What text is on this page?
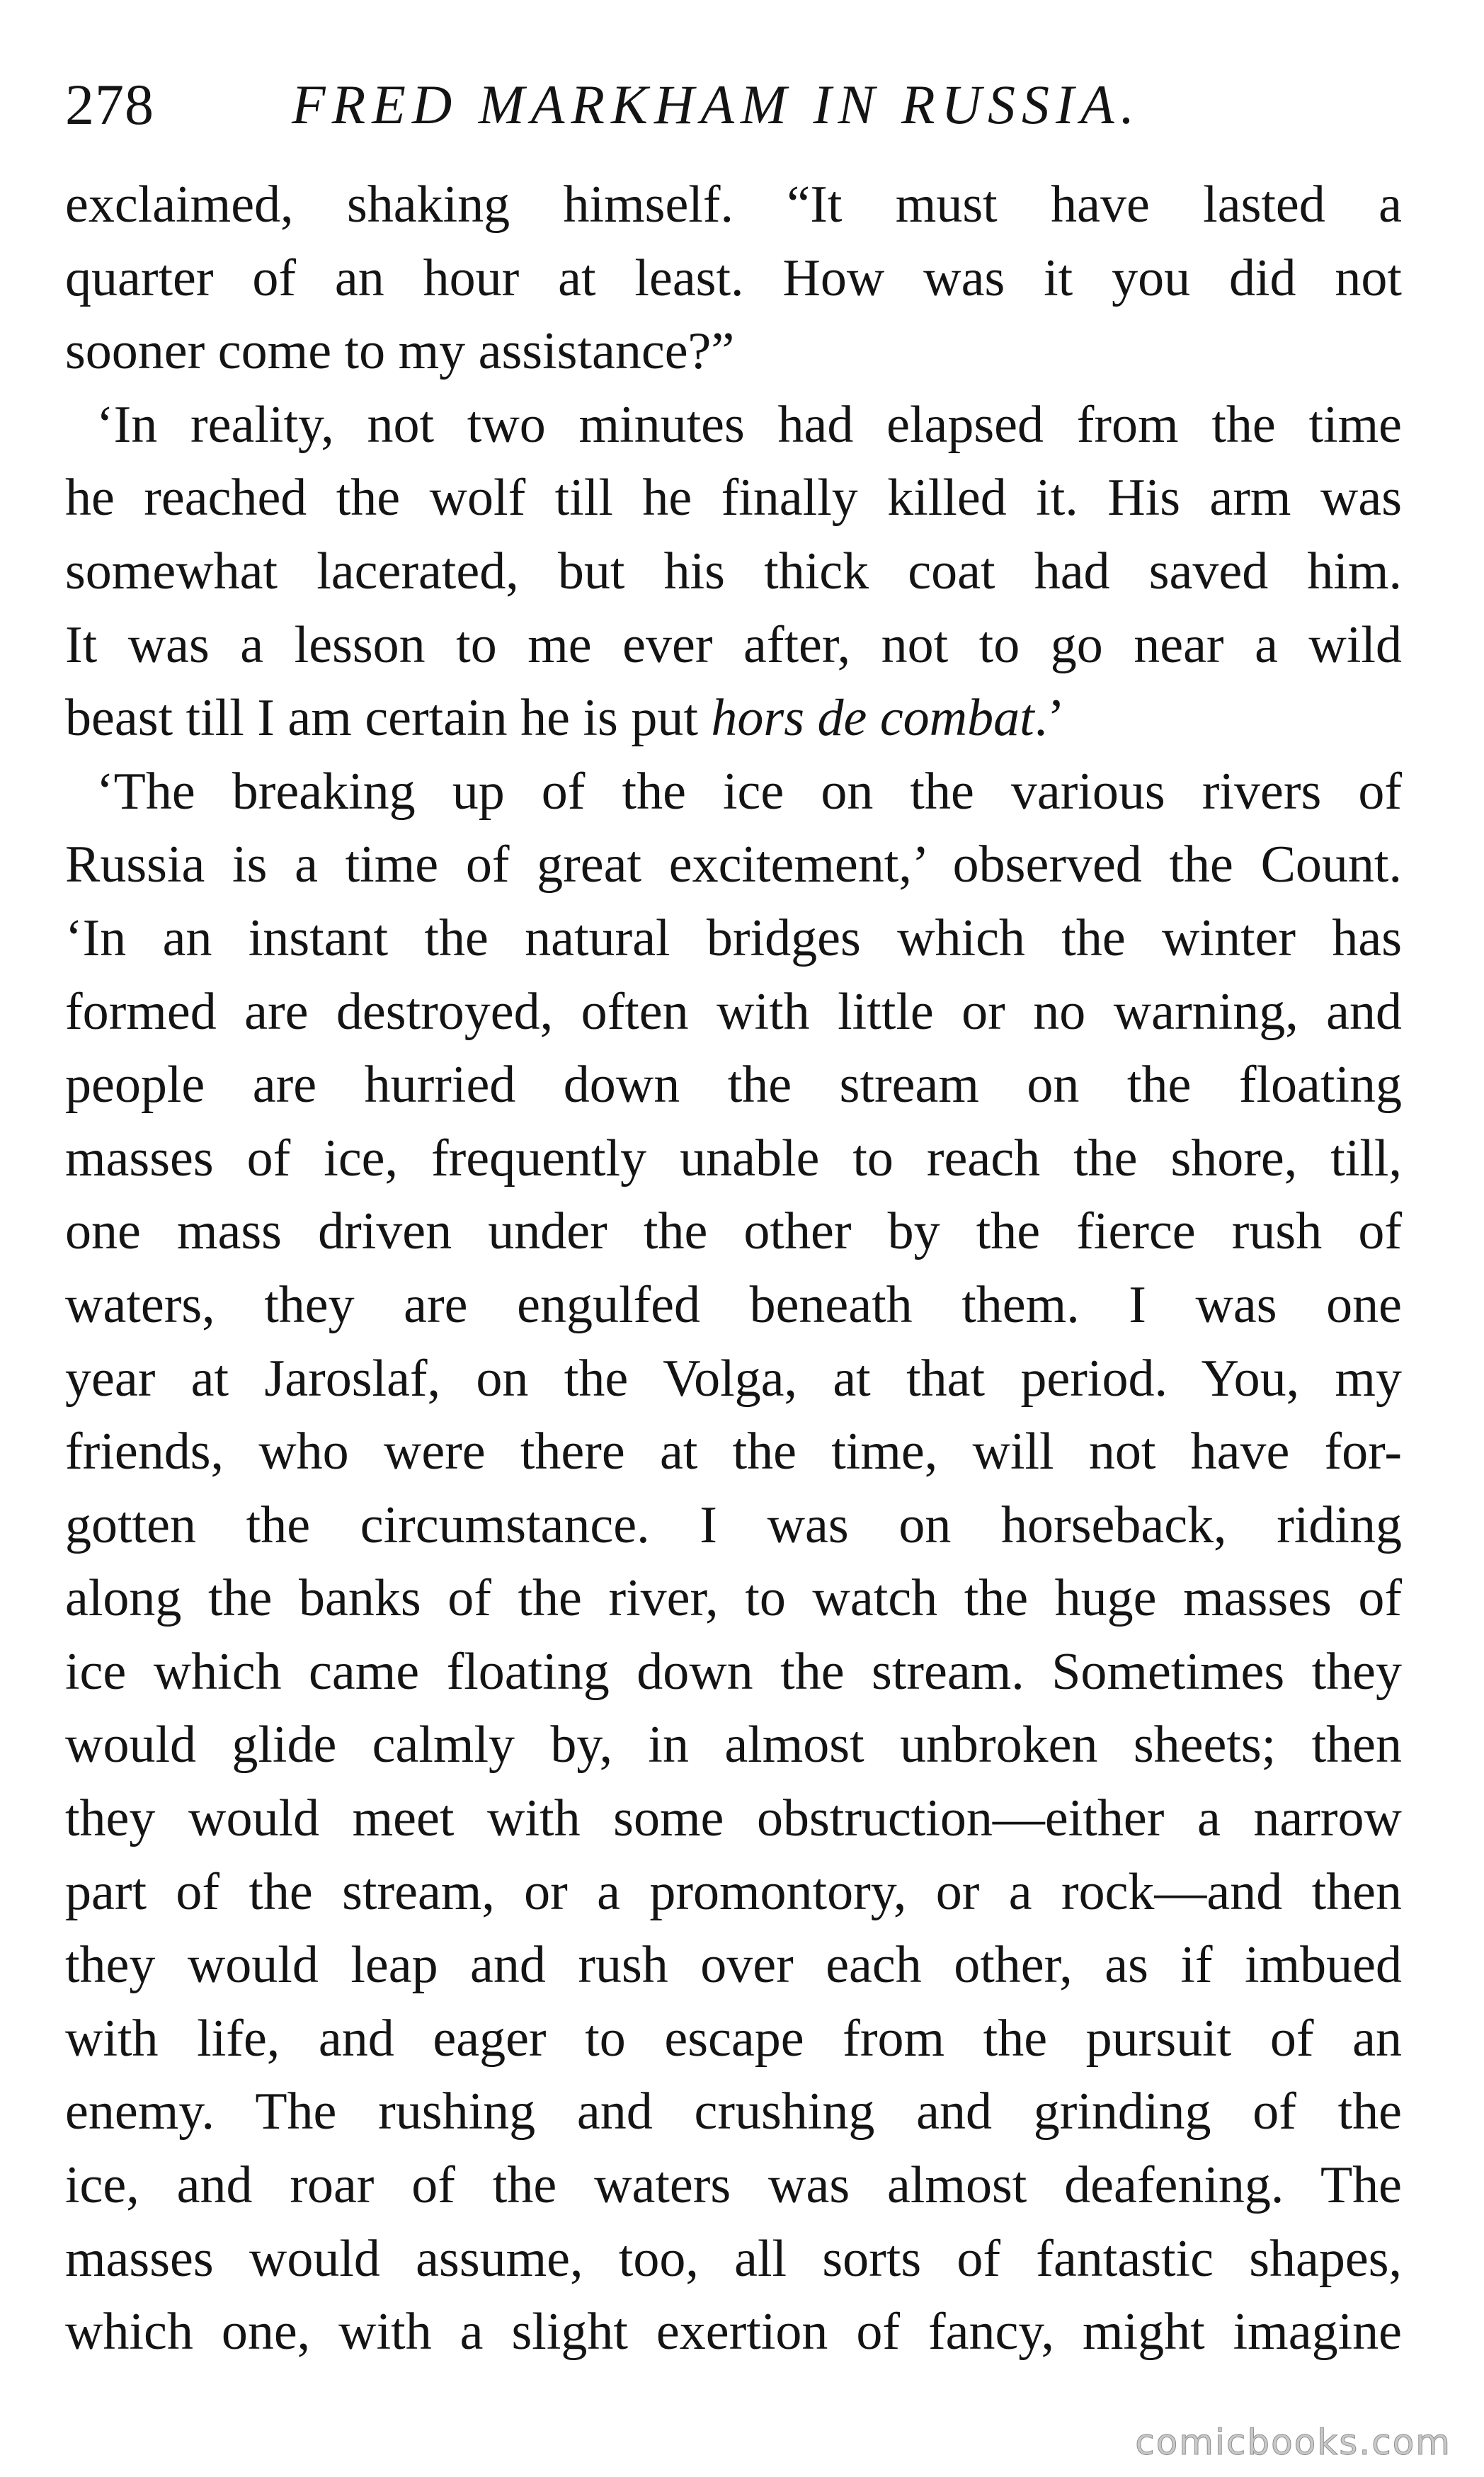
278 FRED MARKHAM IN RUSSIA.
exclaimed, shaking himself. “It must have lasted a
quarter of an hour at least. How was it you did not
sooner come to my assistance?”
‘In reality, not two minutes had elapsed from the time
he reached the wolf till he finally killed it. His arm was
somewhat lacerated, but his thick coat had saved him.
It was a lesson to me ever after, not to go near a wild
beast till I am certain he is put hors de combat.’
‘The breaking up of the ice on the various rivers of
Russia is a time of great excitement,’ observed the Count.
‘In an instant the natural bridges which the winter has
formed are destroyed, often with little or no warning, and
people are hurried down the stream on the floating
masses of ice, frequently unable to reach the shore, till,
one mass driven under the other by the fierce rush of
waters, they are engulfed beneath them. I was one
year at Jaroslaf, on the Volga, at that period. You, my
friends, who were there at the time, will not have for-
gotten the circumstance. I was on horseback, riding
along the banks of the river, to watch the huge masses of
ice which came floating down the stream. Sometimes they
would glide calmly by, in almost unbroken sheets; then
they would meet with some obstruction—either a narrow
part of the stream, or a promontory, or a rock—and then
they would leap and rush over each other, as if imbued
with life, and eager to escape from the pursuit of an
enemy. The rushing and crushing and grinding of the
ice, and roar of the waters was almost deafening. The
masses would assume, too, all sorts of fantastic shapes,
which one, with a slight exertion of fancy, might imagine
comicbooks.com
